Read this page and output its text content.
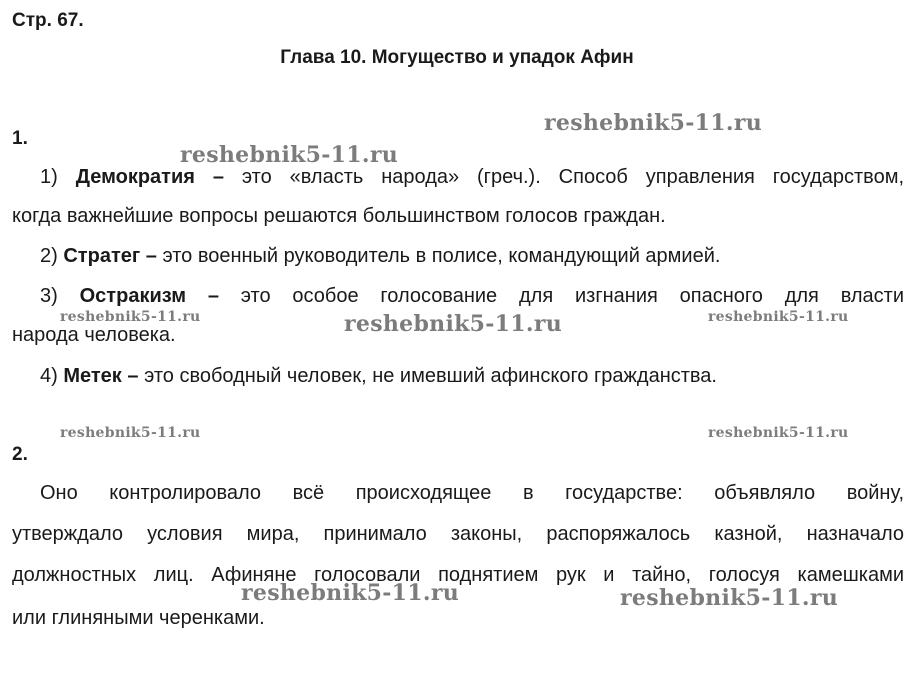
Стр. 67.
Глава 10. Могущество и упадок Афин
1.
1) Демократия – это «власть народа» (греч.). Способ управления государством,
когда важнейшие вопросы решаются большинством голосов граждан.
2) Стратег – это военный руководитель в полисе, командующий армией.
3) Остракизм – это особое голосование для изгнания опасного для власти
народа человека.
4) Метек – это свободный человек, не имевший афинского гражданства.
2.
Оно контролировало всё происходящее в государстве: объявляло войну,
утверждало условия мира, принимало законы, распоряжалось казной, назначало
должностных лиц. Афиняне голосовали поднятием рук и тайно, голосуя камешками
или глиняными черенками.
reshebnik5-11.ru
reshebnik5-11.ru
reshebnik5-11.ru	reshebnik5-11.ru	reshebnik5-11.ru
reshebnik5-11.ru	reshebnik5-11.ru
reshebnik5-11.ru	reshebnik5-11.ru
